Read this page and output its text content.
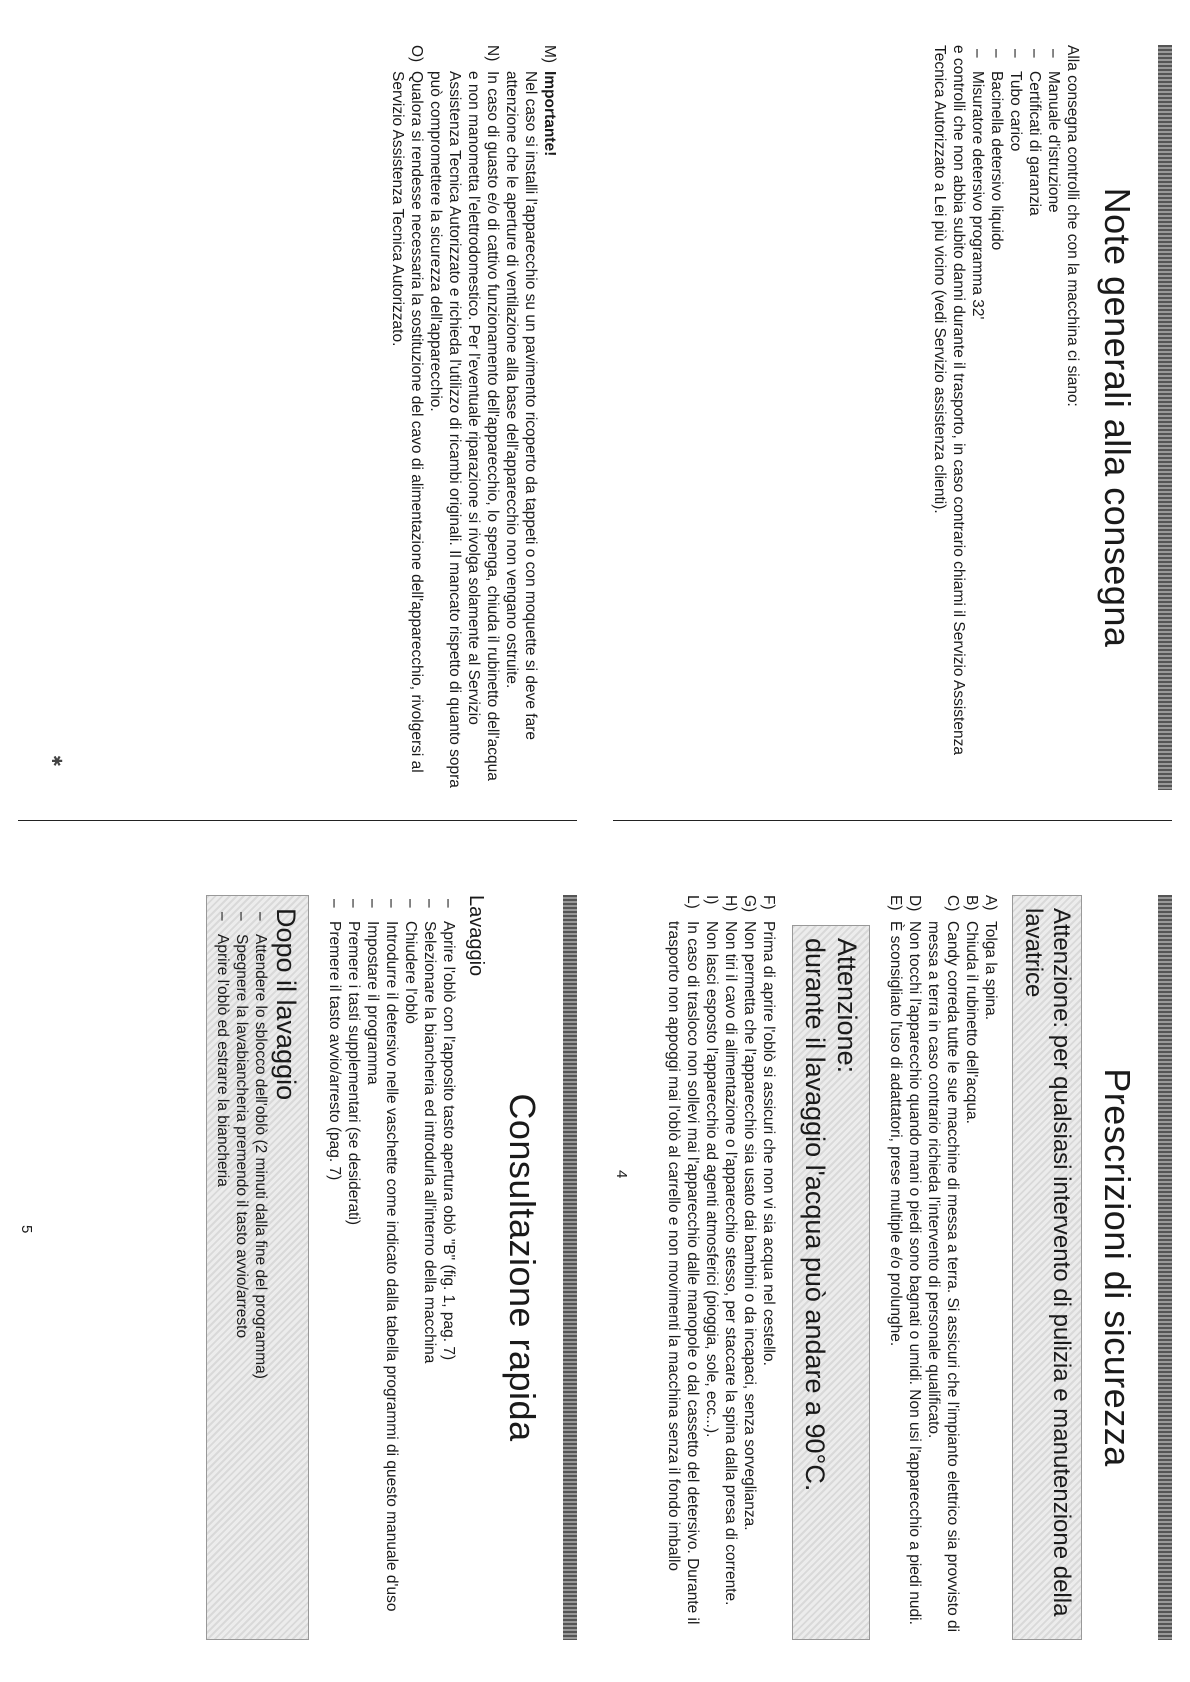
Note generali alla consegna

Alla consegna controlli che con la macchina ci siano:

– Manuale d'istruzione
– Certificati di garanzia
– Tubo carico
– Bacinella detersivo liquido
– Misuratore detersivo programma 32'

e controlli che non abbia subito danni durante il trasporto, in caso contrario chiami il Servizio Assistenza Tecnica Autorizzato a Lei più vicino (vedi Servizio assistenza clienti).

Prescrizioni di sicurezza
Attenzione: per qualsiasi intervento di pulizia e manutenzione della lavatrice
A)
Tolga la spina.
B)
Chiuda il rubinetto dell'acqua.
C)
Candy correda tutte le sue macchine di messa a terra. Si assicuri che l'impianto elettrico sia provvisto di messa a terra in caso contrario richieda l'intervento di personale qualificato.
D)
Non tocchi l'apparecchio quando mani o piedi sono bagnati o umidi. Non usi l'apparecchio a piedi nudi.
E)
È sconsigliato l'uso di adattatori, prese multiple e/o prolunghe.
Attenzione:
durante il lavaggio l'acqua può andare a 90°C.
F)
Prima di aprire l'oblò si assicuri che non vi sia acqua nel cestello.
G)
Non permetta che l'apparecchio sia usato dai bambini o da incapaci, senza sorveglianza.
H)
Non tiri il cavo di alimentazione o l'apparecchio stesso, per staccare la spina dalla presa di corrente.
I)
Non lasci esposto l'apparecchio ad agenti atmosferici (pioggia, sole, ecc...).
L)
In caso di trasloco non sollevi mai l'apparecchio dalle manopole o dal cassetto del detersivo. Durante il trasporto non appoggi mai l'oblò al carrello e non movimenti la macchina senza il fondo imballo
4
M)
Importante!
Nel caso si installi l'apparecchio su un pavimento ricoperto da tappeti o con moquette si deve fare attenzione che le aperture di ventilazione alla base dell'apparecchio non vengano ostruite.
N)
In caso di guasto e/o di cattivo funzionamento dell'apparecchio, lo spenga, chiuda il rubinetto dell'acqua e non manometta l'elettrodomestico. Per l'eventuale riparazione si rivolga solamente al Servizio Assistenza Tecnica Autorizzato e richieda l'utilizzo di ricambi originali. Il mancato rispetto di quanto sopra può compromettere la sicurezza dell'apparecchio.
O)
Qualora si rendesse necessaria la sostituzione del cavo di alimentazione dell'apparecchio, rivolgersi al Servizio Assistenza Tecnica Autorizzato.
✱
Consultazione rapida
Lavaggio
– Aprire l'oblò con l'apposito tasto apertura oblò "B" (fig. 1, pag. 7)
– Selezionare la biancheria ed introdurla all'interno della macchina
– Chiudere l'oblò
– Introdurre il detersivo nelle vaschette come indicato dalla tabella programmi di questo manuale d'uso
– Impostare il programma
– Premere i tasti supplementari (se desiderati)
– Premere il tasto avvio/arresto (pag. 7)
Dopo il lavaggio
– Attendere lo sblocco dell'oblò (2 minuti dalla fine del programma)
– Spegnere la lavabiancheria premendo il tasto avvio/arresto
– Aprire l'oblò ed estrarre la biancheria
5
